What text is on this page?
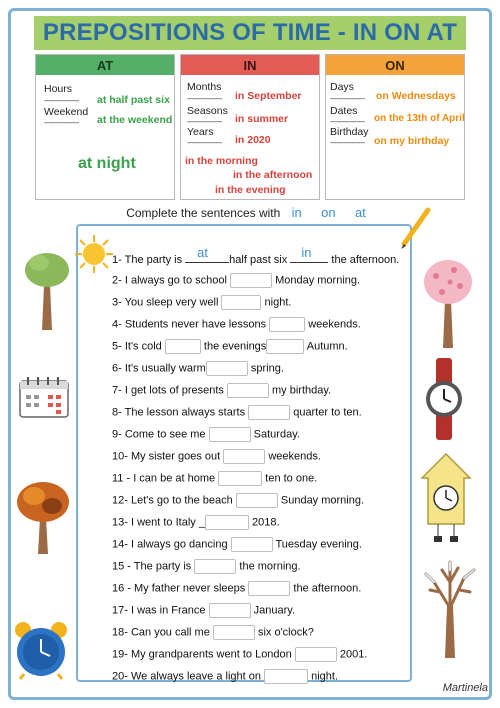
PREPOSITIONS OF TIME - IN ON AT
AT
Hours
---------------- at half past six
Weekend
---------------- at the weekend
at night
IN
Months
---------------- in September
Seasons
---------------- in summer
Years
---------------- in 2020
in the morning
in the afternoon
in the evening
ON
Days
---------------- on Wednesdays
Dates
---------------- on the 13th of April
Birthday
---------------- on my birthday
Complete the sentences with in on at
1- The party is at half past six in the afternoon.
2- I always go to school	Monday morning.
3- You sleep very well	night.
4- Students never have lessons	weekends.
5- It's cold	the evenings	Autumn.
6- It's usually warm	spring.
7- I get lots of presents	my birthday.
8- The lesson always starts	quarter to ten.
9- Come to see me	Saturday.
10- My sister goes out	weekends.
11 - I can be at home	ten to one.
12- Let's go to the beach	Sunday morning.
13- I went to Italy _	2018.
14- I always go dancing	Tuesday evening.
15 - The party is	the morning.
16 - My father never sleeps	the afternoon.
17- I was in France	January.
18- Can you call me	six o'clock?
19- My grandparents went to London	2001.
20- We always leave a light on	night.
Martinela
